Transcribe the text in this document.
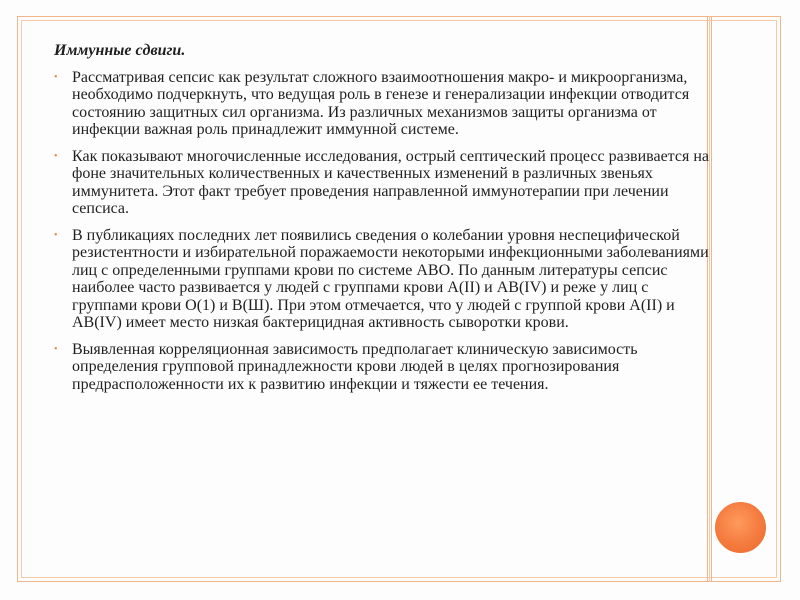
Иммунные сдвиги.
• Рассматривая сепсис как результат сложного взаимоотношения макро- и микроорганизма, необходимо подчеркнуть, что ведущая роль в генезе и генерализации инфекции отводится состоянию защитных сил организма. Из различных механизмов защиты организма от инфекции важная роль принадлежит иммунной системе.
• Как показывают многочисленные исследования, острый септический процесс развивается на фоне значительных количественных и качественных изменений в различных звеньях иммунитета. Этот факт требует проведения направленной иммунотерапии при лечении сепсиса.
• В публикациях последних лет появились сведения о колебании уровня неспецифической резистентности и избирательной поражаемости некоторыми инфекционными заболеваниями лиц с определенными группами крови по системе АВО. По данным литературы сепсис наиболее часто развивается у людей с группами крови А(II) и АВ(IV) и реже у лиц с группами крови О(1) и В(Ш). При этом отмечается, что у людей с группой крови А(II) и АВ(IV) имеет место низкая бактерицидная активность сыворотки крови.
• Выявленная корреляционная зависимость предполагает клиническую зависимость определения групповой принадлежности крови людей в целях прогнозирования предрасположенности их к развитию инфекции и тяжести ее течения.
